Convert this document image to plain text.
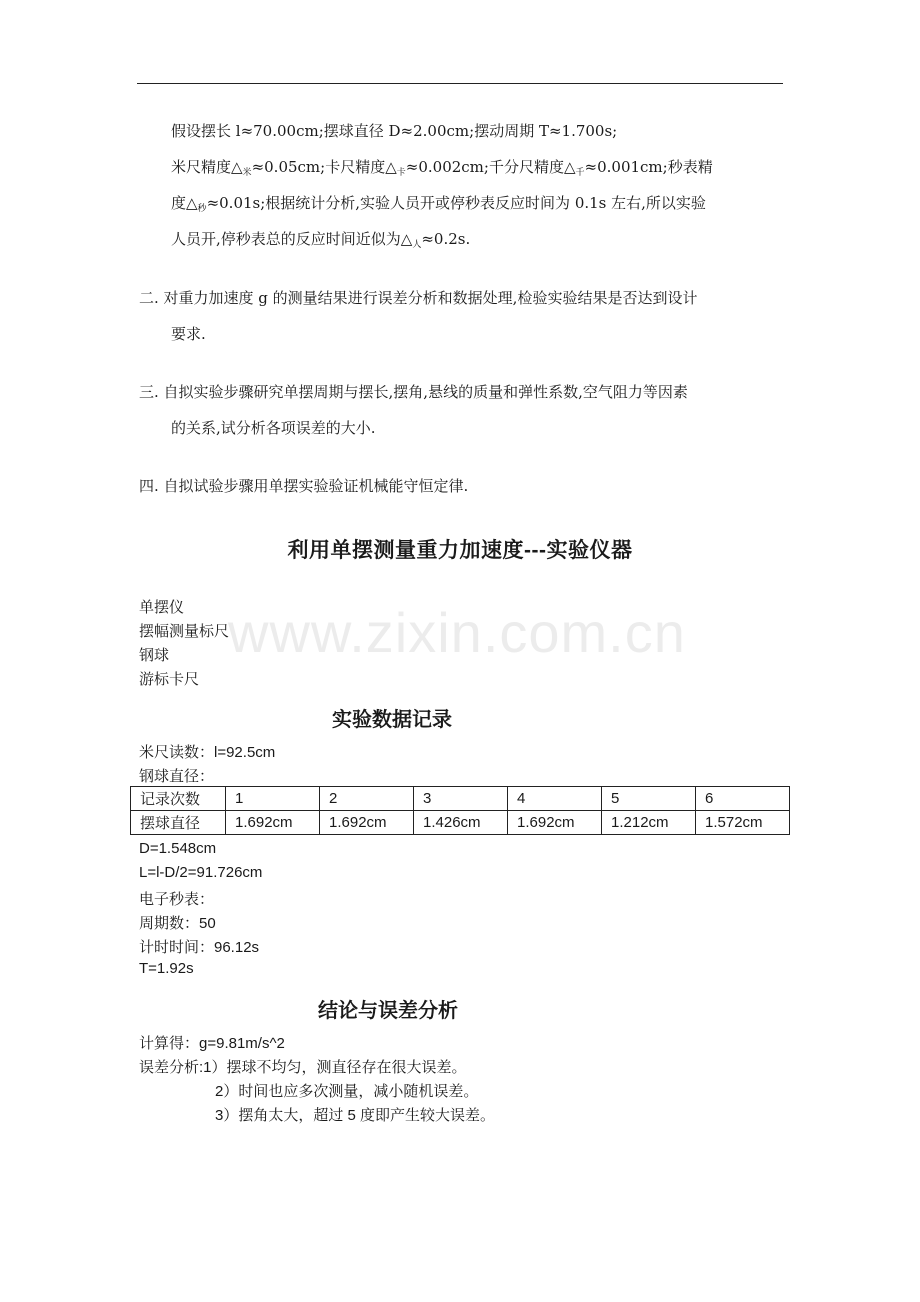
假设摆长 l≈70.00cm;摆球直径 D≈2.00cm;摆动周期 T≈1.700s;
米尺精度$\triangle_米\approx 0.05cm$;卡尺精度$\triangle_卡\approx 0.002cm$;千分尺精度$\triangle_千\approx 0.001cm$;秒表精
度$\triangle_秒\approx 0.01s$;根据统计分析,实验人员开或停秒表反应时间为 0.1s 左右,所以实验
人员开,停秒表总的反应时间近似为$\triangle_人\approx 0.2s$.
二. 对重力加速度 g 的测量结果进行误差分析和数据处理,检验实验结果是否达到设计
要求.
三. 自拟实验步骤研究单摆周期与摆长,摆角,悬线的质量和弹性系数,空气阻力等因素
的关系,试分析各项误差的大小.
四. 自拟试验步骤用单摆实验验证机械能守恒定律.
利用单摆测量重力加速度---实验仪器
单摆仪
摆幅测量标尺
钢球
游标卡尺
www.zixin.com.cn
实验数据记录
米尺读数：l=92.5cm
钢球直径：
记录次数	1	2	3	4	5	6
摆球直径	1.692cm	1.692cm	1.426cm	1.692cm	1.212cm	1.572cm
D=1.548cm
L=l-D/2=91.726cm
电子秒表：
周期数：50
计时时间：96.12s
T=1.92s
结论与误差分析
计算得：g=9.81m/s^2
误差分析:1）摆球不均匀，测直径存在很大误差。
2）时间也应多次测量，减小随机误差。
3）摆角太大，超过 5 度即产生较大误差。
